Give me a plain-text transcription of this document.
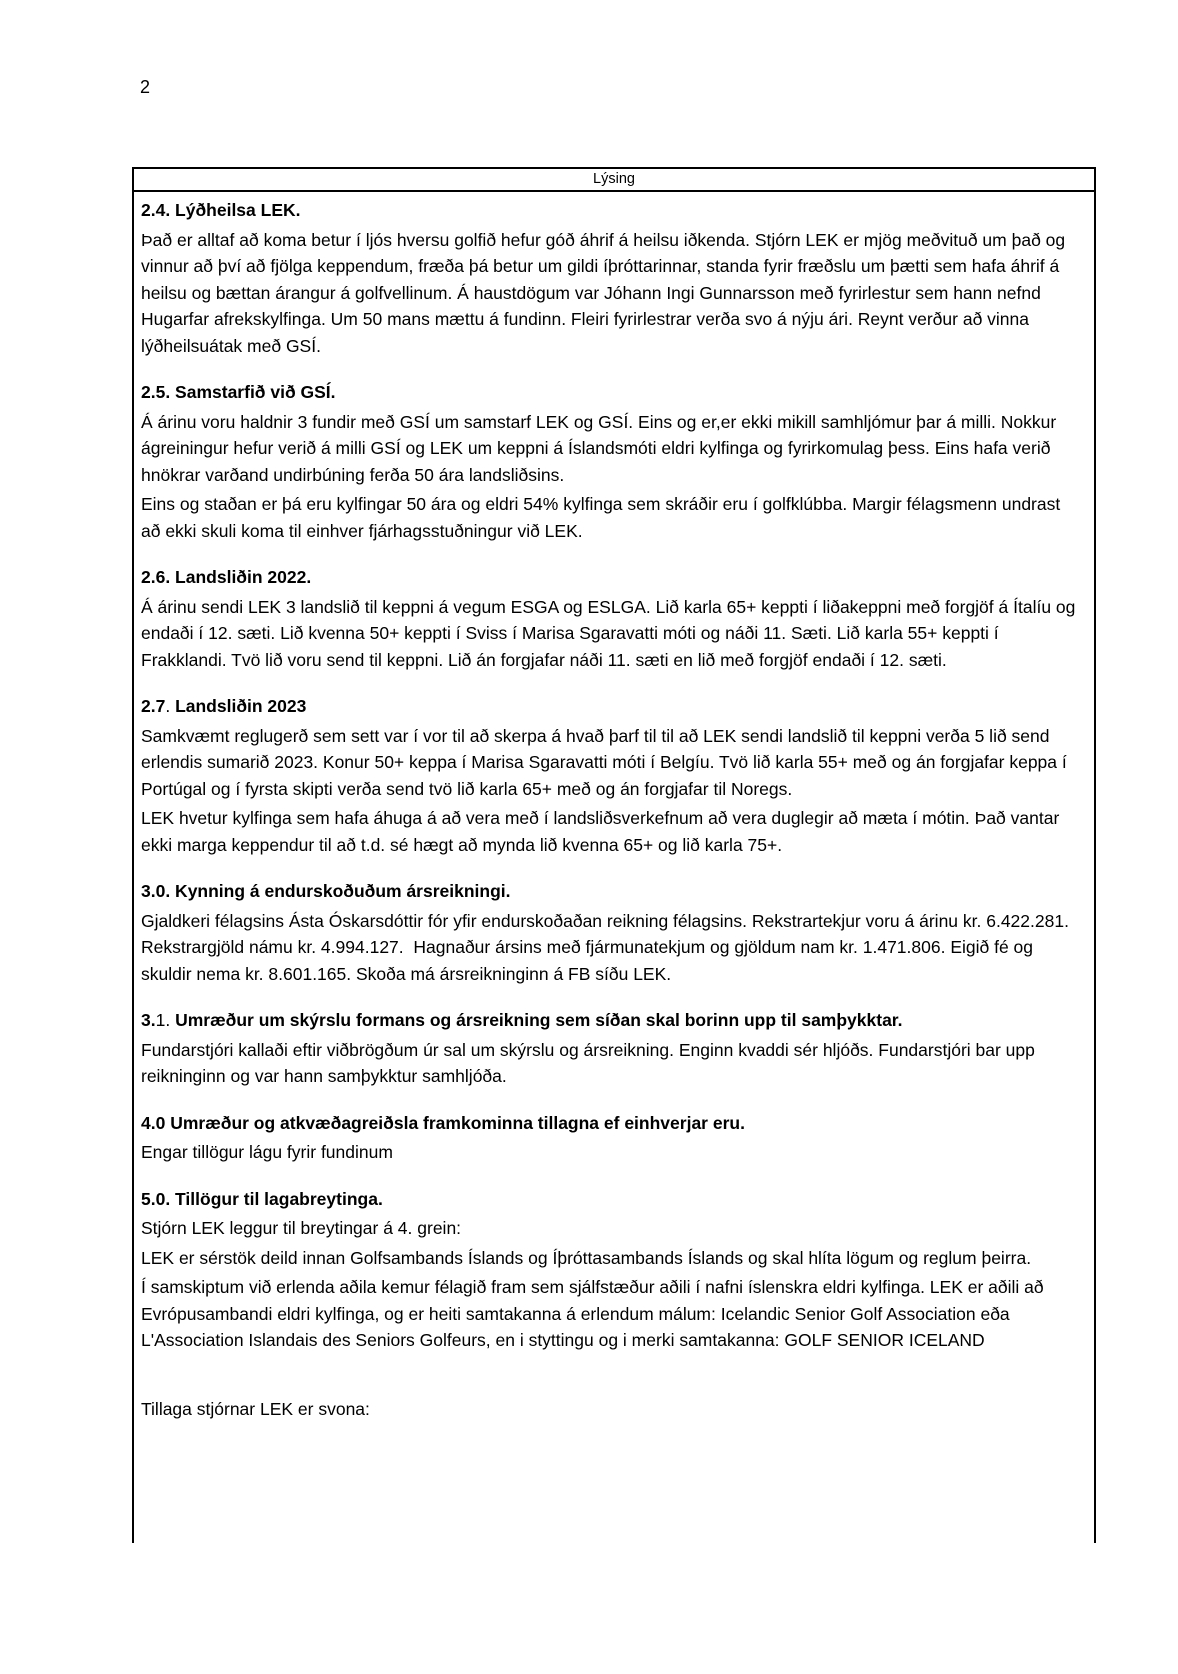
2
Lýsing
2.4. Lýðheilsa LEK.

Það er alltaf að koma betur í ljós hversu golfið hefur góð áhrif á heilsu iðkenda. Stjórn LEK er mjög meðvituð um það og vinnur að því að fjölga keppendum, fræða þá betur um gildi íþróttarinnar, standa fyrir fræðslu um þætti sem hafa áhrif á heilsu og bættan árangur á golfvellinum. Á haustdögum var Jóhann Ingi Gunnarsson með fyrirlestur sem hann nefnd Hugarfar afrekskylfinga. Um 50 mans mættu á fundinn. Fleiri fyrirlestrar verða svo á nýju ári. Reynt verður að vinna lýðheilsuátak með GSÍ.

2.5. Samstarfið við GSÍ.

Á árinu voru haldnir 3 fundir með GSÍ um samstarf LEK og GSÍ. Eins og er,er ekki mikill samhljómur þar á milli. Nokkur ágreiningur hefur verið á milli GSÍ og LEK um keppni á Íslandsmóti eldri kylfinga og fyrirkomulag þess. Eins hafa verið hnökrar varðand undirbúning ferða 50 ára landsliðsins.

Eins og staðan er þá eru kylfingar 50 ára og eldri 54% kylfinga sem skráðir eru í golfklúbba. Margir félagsmenn undrast að ekki skuli koma til einhver fjárhagsstuðningur við LEK.

2.6. Landsliðin 2022.

Á árinu sendi LEK 3 landslið til keppni á vegum ESGA og ESLGA. Lið karla 65+ keppti í liðakeppni með forgjöf á Ítalíu og endaði í 12. sæti. Lið kvenna 50+ keppti í Sviss í Marisa Sgaravatti móti og náði 11. Sæti. Lið karla 55+ keppti í Frakklandi. Tvö lið voru send til keppni. Lið án forgjafar náði 11. sæti en lið með forgjöf endaði í 12. sæti.

2.7. Landsliðin 2023

Samkvæmt reglugerð sem sett var í vor til að skerpa á hvað þarf til til að LEK sendi landslið til keppni verða 5 lið send erlendis sumarið 2023. Konur 50+ keppa í Marisa Sgaravatti móti í Belgíu. Tvö lið karla 55+ með og án forgjafar keppa í Portúgal og í fyrsta skipti verða send tvö lið karla 65+ með og án forgjafar til Noregs.

LEK hvetur kylfinga sem hafa áhuga á að vera með í landsliðsverkefnum að vera duglegir að mæta í mótin. Það vantar ekki marga keppendur til að t.d. sé hægt að mynda lið kvenna 65+ og lið karla 75+.

3.0. Kynning á endurskoðuðum ársreikningi.

Gjaldkeri félagsins Ásta Óskarsdóttir fór yfir endurskoðaðan reikning félagsins. Rekstrartekjur voru á árinu kr. 6.422.281. Rekstrargjöld námu kr. 4.994.127.  Hagnaður ársins með fjármunatekjum og gjöldum nam kr. 1.471.806. Eigið fé og skuldir nema kr. 8.601.165. Skoða má ársreikninginn á FB síðu LEK.

3.1. Umræður um skýrslu formans og ársreikning sem síðan skal borinn upp til samþykktar.

Fundarstjóri kallaði eftir viðbrögðum úr sal um skýrslu og ársreikning. Enginn kvaddi sér hljóðs. Fundarstjóri bar upp reikninginn og var hann samþykktur samhljóða.

4.0 Umræður og atkvæðagreiðsla framkominna tillagna ef einhverjar eru.

Engar tillögur lágu fyrir fundinum

5.0. Tillögur til lagabreytinga.

Stjórn LEK leggur til breytingar á 4. grein:

LEK er sérstök deild innan Golfsambands Íslands og Íþróttasambands Íslands og skal hlíta lögum og reglum þeirra.

Í samskiptum við erlenda aðila kemur félagið fram sem sjálfstæður aðili í nafni íslenskra eldri kylfinga. LEK er aðili að Evrópusambandi eldri kylfinga, og er heiti samtakanna á erlendum málum: Icelandic Senior Golf Association eða L'Association Islandais des Seniors Golfeurs, en i styttingu og i merki samtakanna: GOLF SENIOR ICELAND

Tillaga stjórnar LEK er svona:
